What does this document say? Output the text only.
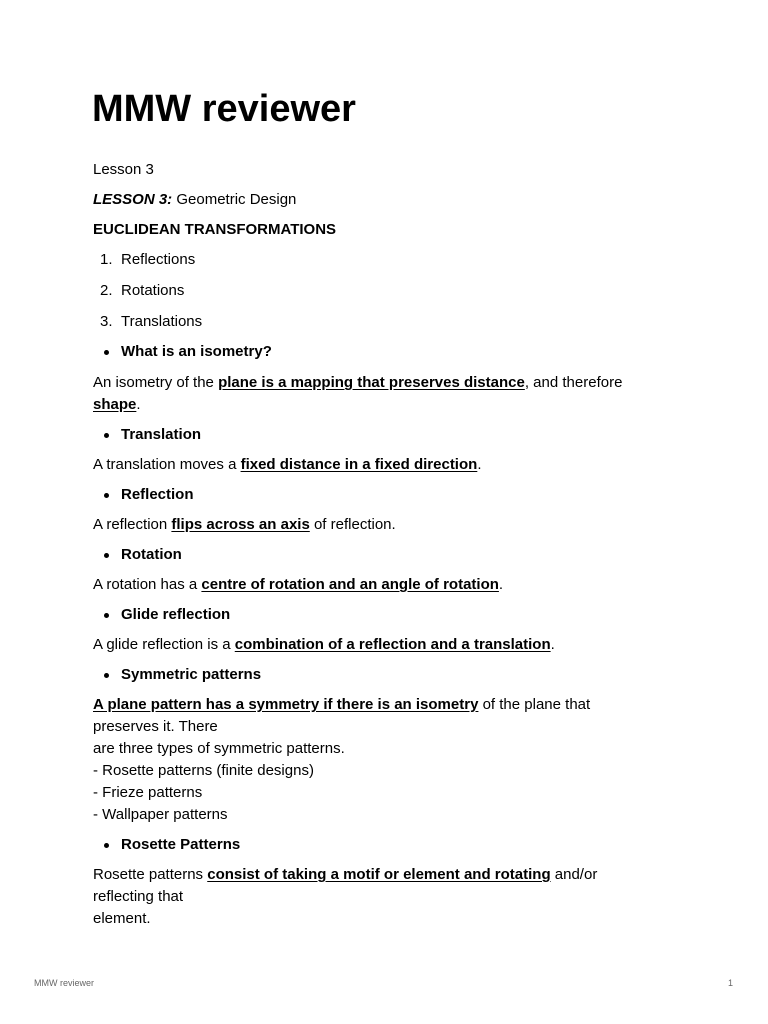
MMW reviewer

Lesson 3

LESSON 3: Geometric Design

EUCLIDEAN TRANSFORMATIONS

1. Reflections
2. Rotations
3. Translations
What is an isometry?

An isometry of the plane is a mapping that preserves distance, and therefore
shape.

Translation

A translation moves a fixed distance in a fixed direction.

Reflection

A reflection flips across an axis of reflection.

Rotation

A rotation has a centre of rotation and an angle of rotation.

Glide reflection

A glide reflection is a combination of a reflection and a translation.

Symmetric patterns

A plane pattern has a symmetry if there is an isometry of the plane that preserves it. There
are three types of symmetric patterns.
- Rosette patterns (finite designs)
- Frieze patterns
- Wallpaper patterns

Rosette Patterns

Rosette patterns consist of taking a motif or element and rotating and/or reflecting that
element.

MMW reviewer	1
